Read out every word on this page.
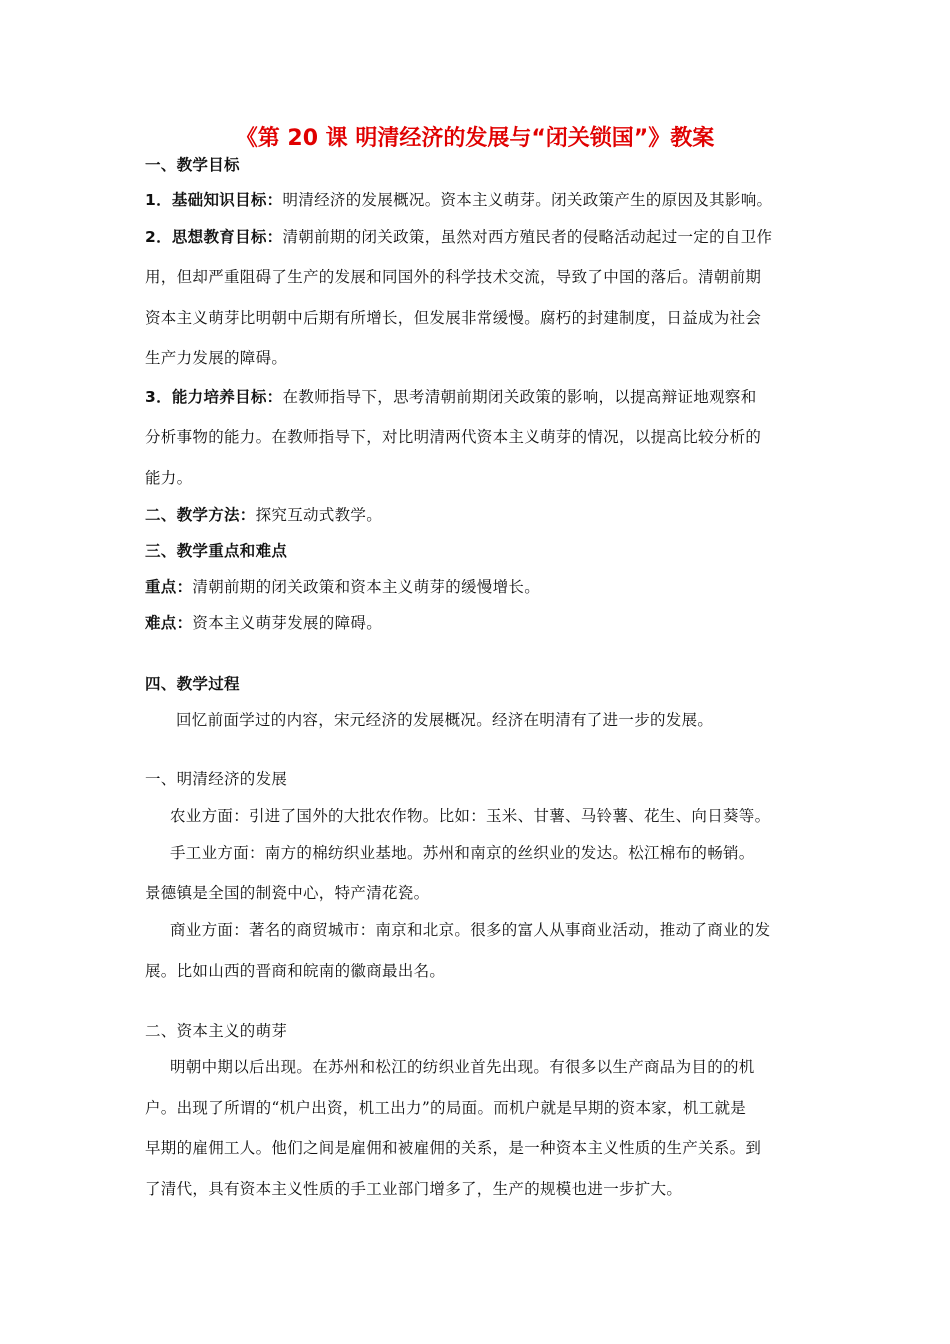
《第 20 课 明清经济的发展与“闭关锁国”》教案
一、教学目标
1．基础知识目标：明清经济的发展概况。资本主义萌芽。闭关政策产生的原因及其影响。
2．思想教育目标：清朝前期的闭关政策，虽然对西方殖民者的侵略活动起过一定的自卫作
用，但却严重阻碍了生产的发展和同国外的科学技术交流，导致了中国的落后。清朝前期
资本主义萌芽比明朝中后期有所增长，但发展非常缓慢。腐朽的封建制度，日益成为社会
生产力发展的障碍。
3．能力培养目标：在教师指导下，思考清朝前期闭关政策的影响，以提高辩证地观察和
分析事物的能力。在教师指导下，对比明清两代资本主义萌芽的情况，以提高比较分析的
能力。
二、教学方法：探究互动式教学。
三、教学重点和难点
重点：清朝前期的闭关政策和资本主义萌芽的缓慢增长。
难点：资本主义萌芽发展的障碍。
四、教学过程
回忆前面学过的内容，宋元经济的发展概况。经济在明清有了进一步的发展。
一、明清经济的发展
农业方面：引进了国外的大批农作物。比如：玉米、甘薯、马铃薯、花生、向日葵等。
手工业方面：南方的棉纺织业基地。苏州和南京的丝织业的发达。松江棉布的畅销。
景德镇是全国的制瓷中心，特产清花瓷。
商业方面：著名的商贸城市：南京和北京。很多的富人从事商业活动，推动了商业的发
展。比如山西的晋商和皖南的徽商最出名。
二、资本主义的萌芽
明朝中期以后出现。在苏州和松江的纺织业首先出现。有很多以生产商品为目的的机
户。出现了所谓的“机户出资，机工出力”的局面。而机户就是早期的资本家，机工就是
早期的雇佣工人。他们之间是雇佣和被雇佣的关系，是一种资本主义性质的生产关系。到
了清代，具有资本主义性质的手工业部门增多了，生产的规模也进一步扩大。
